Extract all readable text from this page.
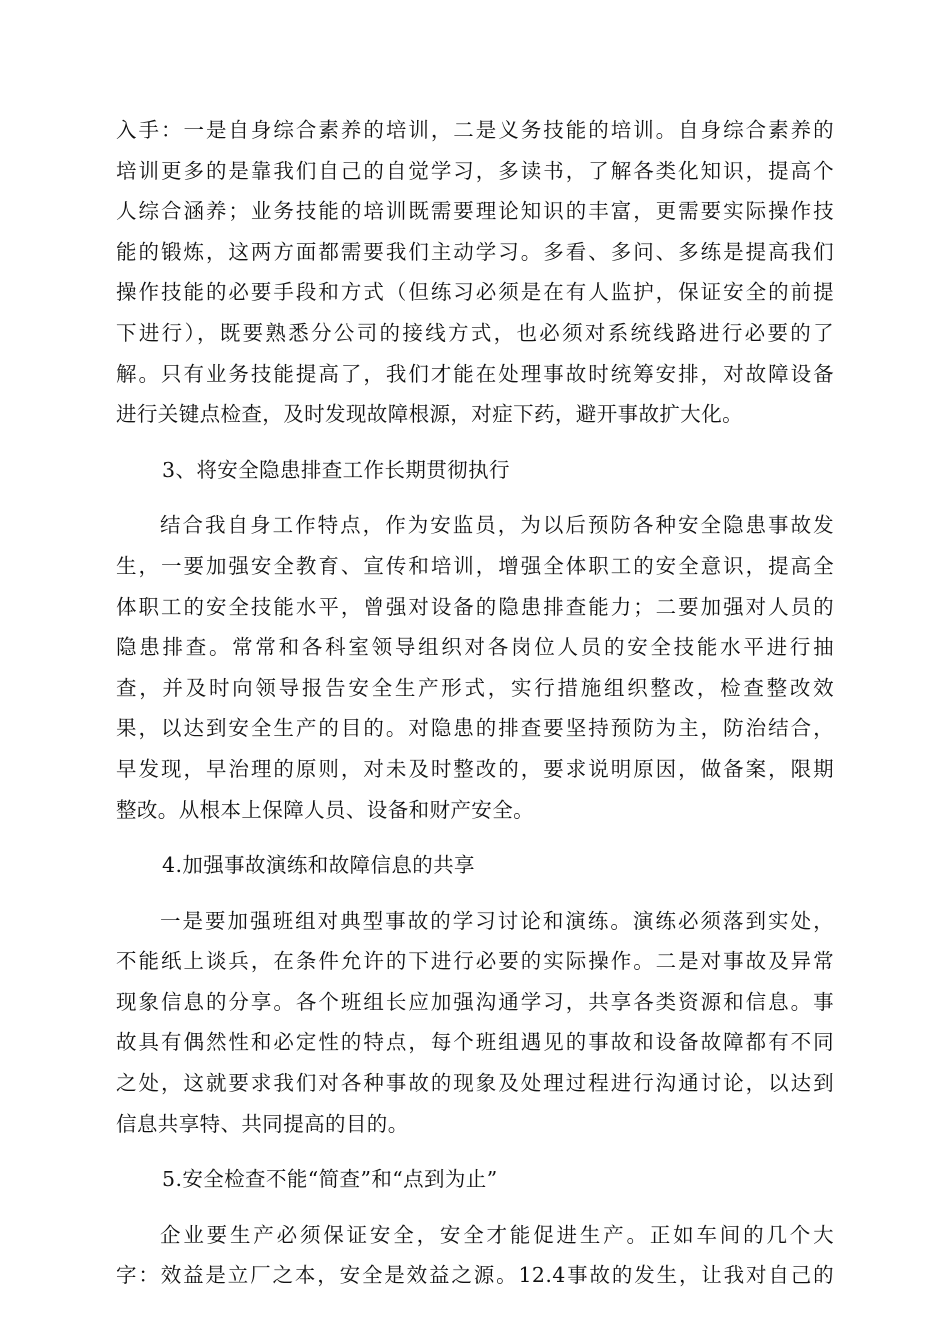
入手：一是自身综合素养的培训，二是义务技能的培训。自身综合素养的
培训更多的是靠我们自己的自觉学习，多读书，了解各类化知识，提高个
人综合涵养；业务技能的培训既需要理论知识的丰富，更需要实际操作技
能的锻炼，这两方面都需要我们主动学习。多看、多问、多练是提高我们
操作技能的必要手段和方式（但练习必须是在有人监护，保证安全的前提
下进行），既要熟悉分公司的接线方式，也必须对系统线路进行必要的了
解。只有业务技能提高了，我们才能在处理事故时统筹安排，对故障设备
进行关键点检查，及时发现故障根源，对症下药，避开事故扩大化。
3、将安全隐患排查工作长期贯彻执行
结合我自身工作特点，作为安监员，为以后预防各种安全隐患事故发
生，一要加强安全教育、宣传和培训，增强全体职工的安全意识，提高全
体职工的安全技能水平，曾强对设备的隐患排查能力；二要加强对人员的
隐患排查。常常和各科室领导组织对各岗位人员的安全技能水平进行抽
查，并及时向领导报告安全生产形式，实行措施组织整改，检查整改效
果，以达到安全生产的目的。对隐患的排查要坚持预防为主，防治结合，
早发现，早治理的原则，对未及时整改的，要求说明原因，做备案，限期
整改。从根本上保障人员、设备和财产安全。
4.加强事故演练和故障信息的共享
一是要加强班组对典型事故的学习讨论和演练。演练必须落到实处，
不能纸上谈兵，在条件允许的下进行必要的实际操作。二是对事故及异常
现象信息的分享。各个班组长应加强沟通学习，共享各类资源和信息。事
故具有偶然性和必定性的特点，每个班组遇见的事故和设备故障都有不同
之处，这就要求我们对各种事故的现象及处理过程进行沟通讨论，以达到
信息共享特、共同提高的目的。
5.安全检查不能“简查”和“点到为止”
企业要生产必须保证安全，安全才能促进生产。正如车间的几个大
字：效益是立厂之本，安全是效益之源。12.4事故的发生，让我对自己的
